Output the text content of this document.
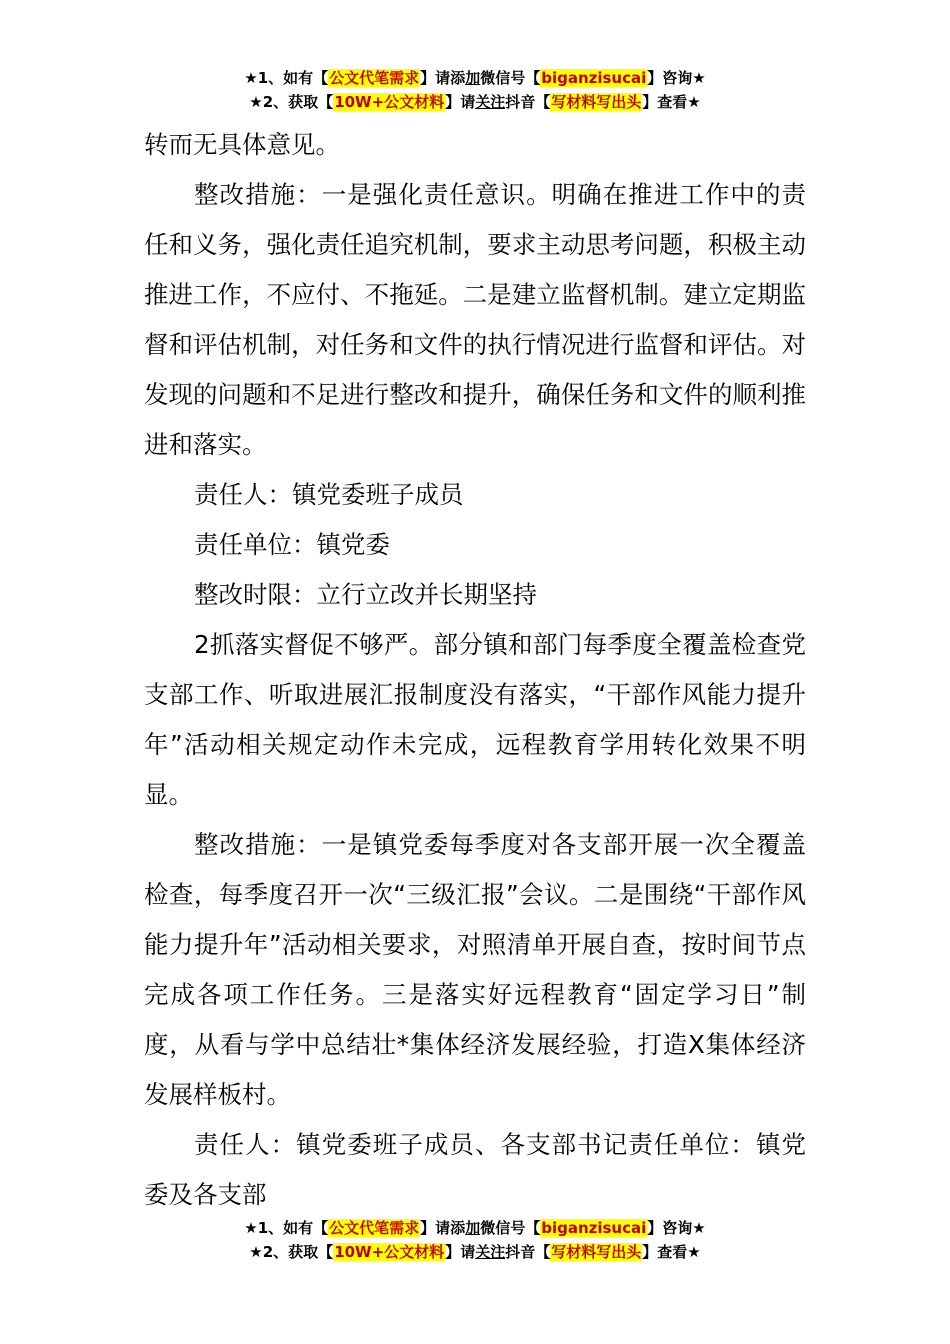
★1、如有【公文代笔需求】请添加微信号【biganzisucai】咨询★
★2、获取【10W+公文材料】请关注抖音【写材料写出头】查看★

转而无具体意见。

整改措施：一是强化责任意识。明确在推进工作中的责任和义务，强化责任追究机制，要求主动思考问题，积极主动推进工作，不应付、不拖延。二是建立监督机制。建立定期监督和评估机制，对任务和文件的执行情况进行监督和评估。对发现的问题和不足进行整改和提升，确保任务和文件的顺利推进和落实。

责任人：镇党委班子成员

责任单位：镇党委

整改时限：立行立改并长期坚持

2抓落实督促不够严。部分镇和部门每季度全覆盖检查党支部工作、听取进展汇报制度没有落实，“干部作风能力提升年”活动相关规定动作未完成，远程教育学用转化效果不明显。

整改措施：一是镇党委每季度对各支部开展一次全覆盖检查，每季度召开一次“三级汇报”会议。二是围绕“干部作风能力提升年”活动相关要求，对照清单开展自查，按时间节点完成各项工作任务。三是落实好远程教育“固定学习日”制度，从看与学中总结壮*集体经济发展经验，打造X集体经济发展样板村。

责任人：镇党委班子成员、各支部书记责任单位：镇党委及各支部

★1、如有【公文代笔需求】请添加微信号【biganzisucai】咨询★
★2、获取【10W+公文材料】请关注抖音【写材料写出头】查看★
